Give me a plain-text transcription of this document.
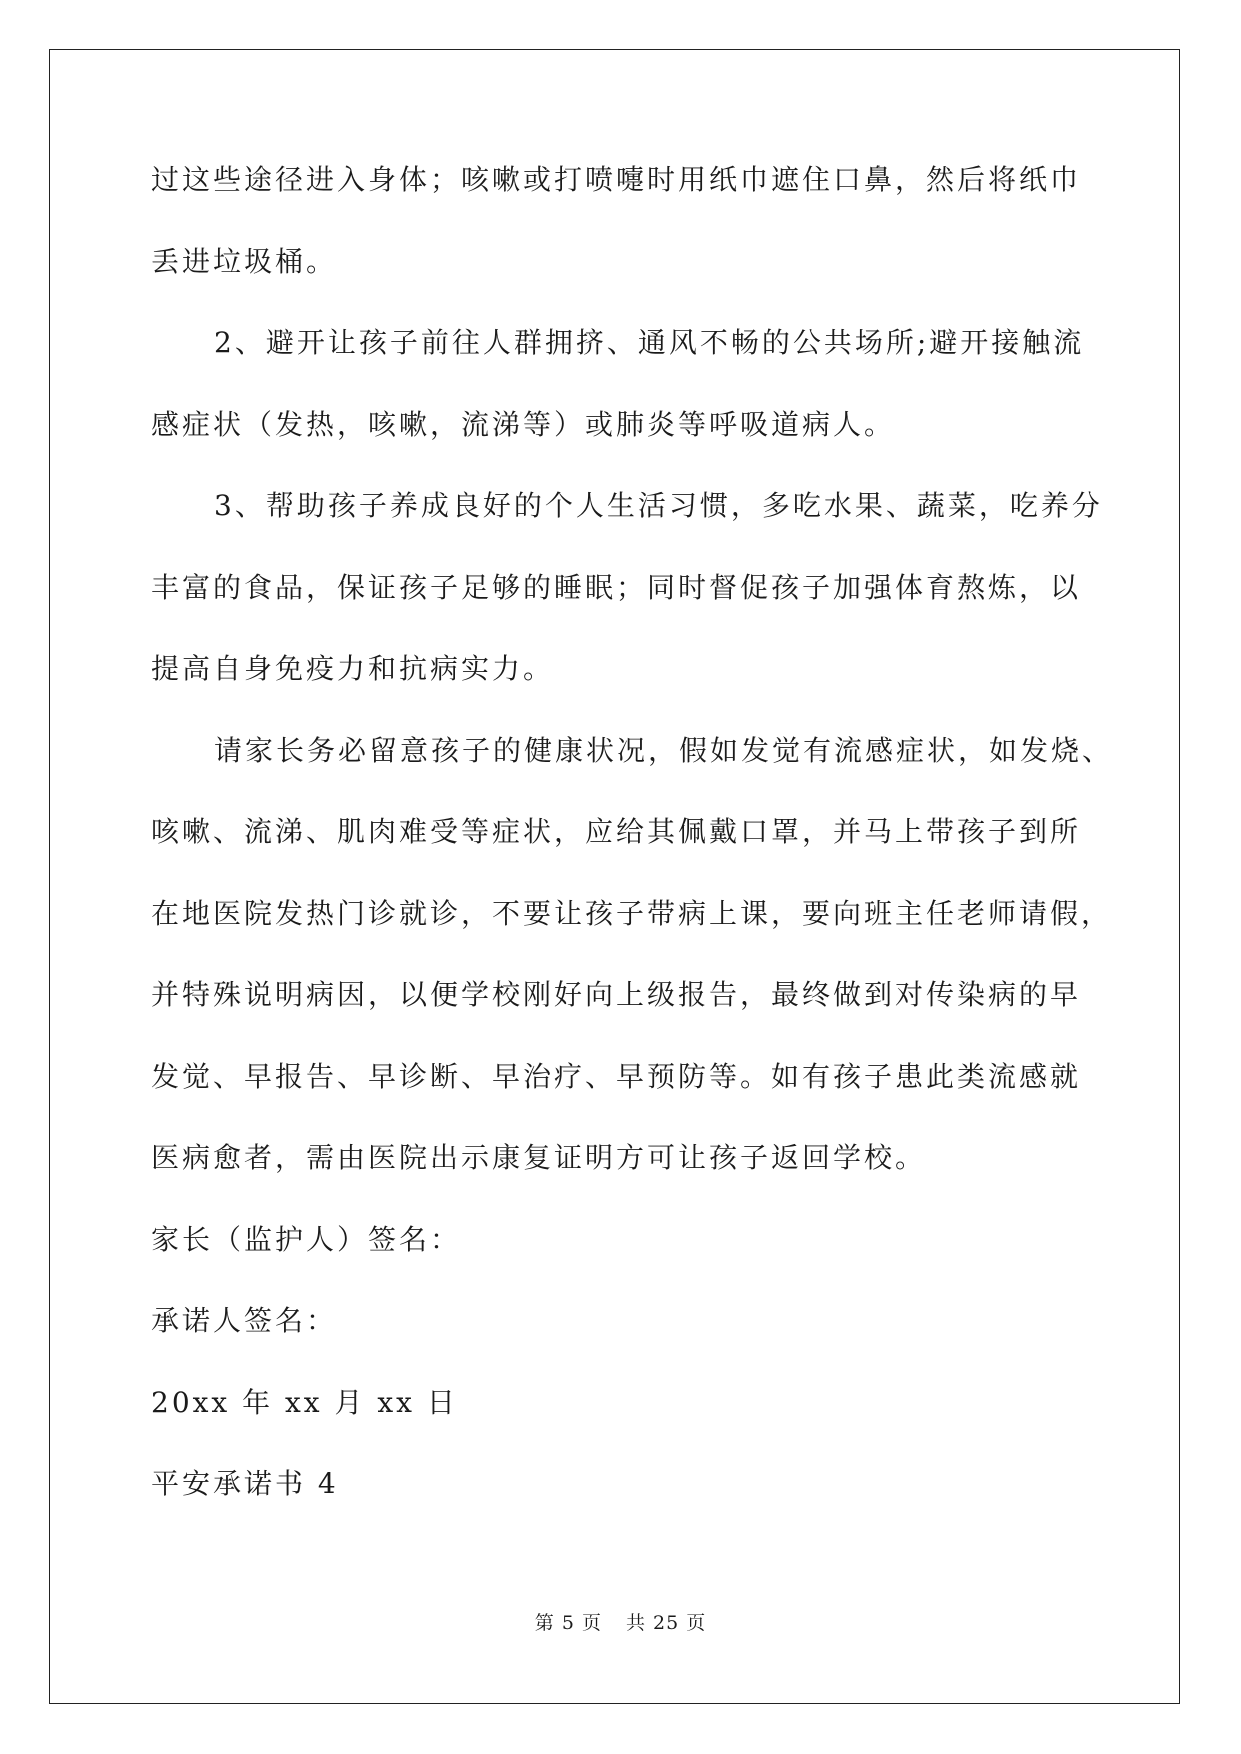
过这些途径进入身体；咳嗽或打喷嚏时用纸巾遮住口鼻，然后将纸巾
丢进垃圾桶。
2、避开让孩子前往人群拥挤、通风不畅的公共场所;避开接触流
感症状（发热，咳嗽，流涕等）或肺炎等呼吸道病人。
3、帮助孩子养成良好的个人生活习惯，多吃水果、蔬菜，吃养分
丰富的食品，保证孩子足够的睡眠；同时督促孩子加强体育熬炼，以
提高自身免疫力和抗病实力。
请家长务必留意孩子的健康状况，假如发觉有流感症状，如发烧、
咳嗽、流涕、肌肉难受等症状，应给其佩戴口罩，并马上带孩子到所
在地医院发热门诊就诊，不要让孩子带病上课，要向班主任老师请假，
并特殊说明病因，以便学校刚好向上级报告，最终做到对传染病的早
发觉、早报告、早诊断、早治疗、早预防等。如有孩子患此类流感就
医病愈者，需由医院出示康复证明方可让孩子返回学校。
家长（监护人）签名：
承诺人签名：
20xx 年 xx 月 xx 日
平安承诺书 4
第 5 页 共 25 页
